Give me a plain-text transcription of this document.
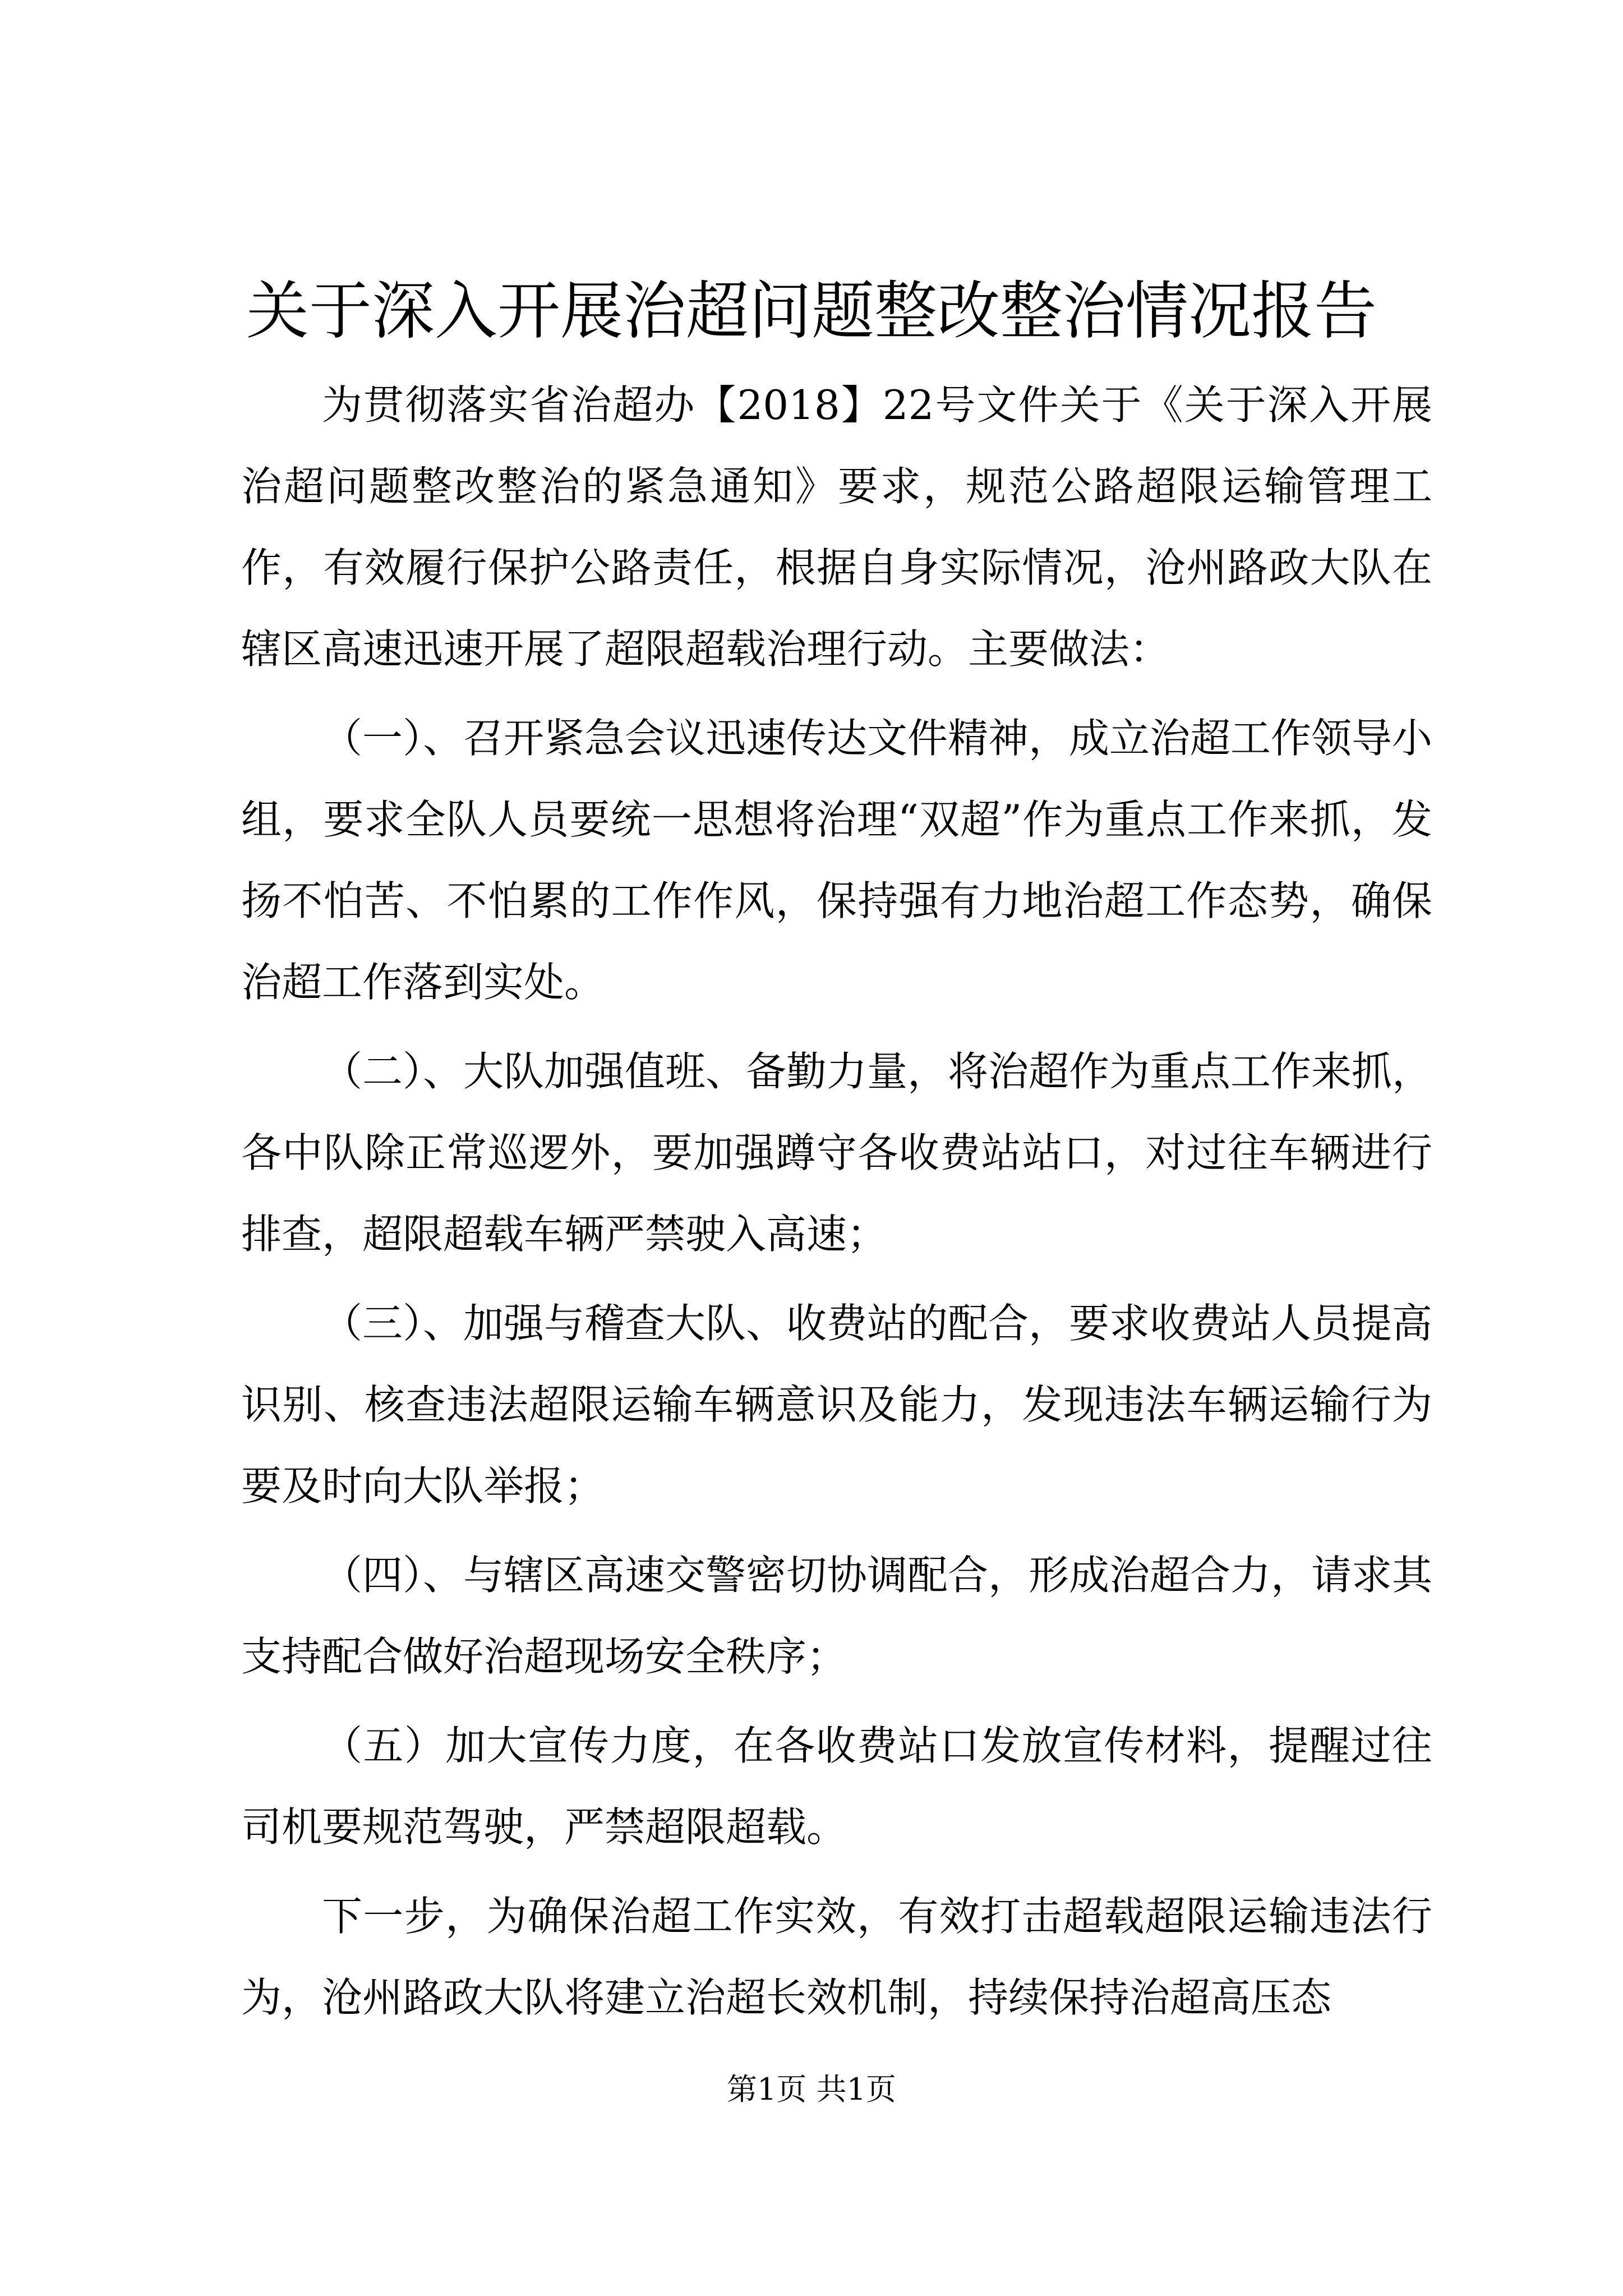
关于深入开展治超问题整改整治情况报告

为贯彻落实省治超办【2018】22号文件关于《关于深入开展治超问题整改整治的紧急通知》要求，规范公路超限运输管理工作，有效履行保护公路责任，根据自身实际情况，沧州路政大队在辖区高速迅速开展了超限超载治理行动。主要做法：

（一）、召开紧急会议迅速传达文件精神，成立治超工作领导小组，要求全队人员要统一思想将治理“双超”作为重点工作来抓，发扬不怕苦、不怕累的工作作风，保持强有力地治超工作态势，确保治超工作落到实处。

（二）、大队加强值班、备勤力量，将治超作为重点工作来抓，各中队除正常巡逻外，要加强蹲守各收费站站口，对过往车辆进行排查，超限超载车辆严禁驶入高速；

（三）、加强与稽查大队、收费站的配合，要求收费站人员提高识别、核查违法超限运输车辆意识及能力，发现违法车辆运输行为要及时向大队举报；

（四）、与辖区高速交警密切协调配合，形成治超合力，请求其支持配合做好治超现场安全秩序；

（五）加大宣传力度，在各收费站口发放宣传材料，提醒过往司机要规范驾驶，严禁超限超载。

下一步，为确保治超工作实效，有效打击超载超限运输违法行为，沧州路政大队将建立治超长效机制，持续保持治超高压态

第1页 共1页
